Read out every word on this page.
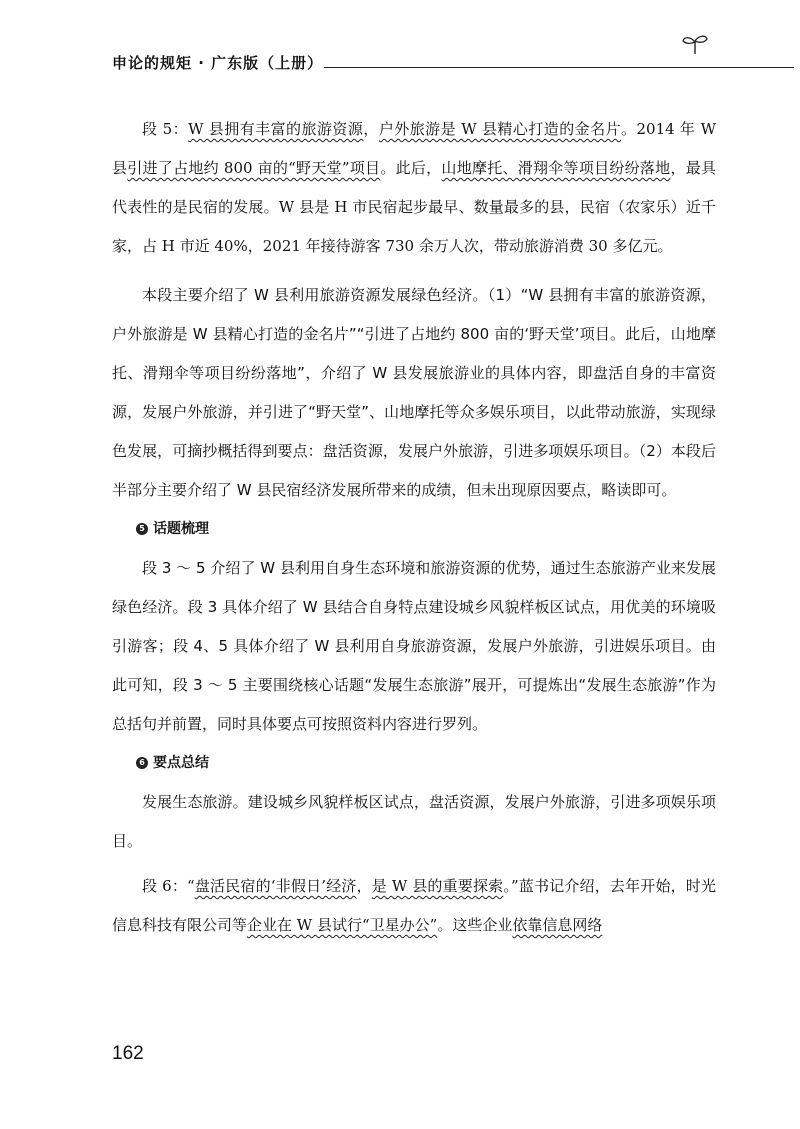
申论的规矩 · 广东版（上册）

段 5：W 县拥有丰富的旅游资源，户外旅游是 W 县精心打造的金名片。2014 年 W 县引进了占地约 800 亩的“野天堂”项目。此后，山地摩托、滑翔伞等项目纷纷落地，最具代表性的是民宿的发展。W 县是 H 市民宿起步最早、数量最多的县，民宿（农家乐）近千家，占 H 市近 40%，2021 年接待游客 730 余万人次，带动旅游消费 30 多亿元。

本段主要介绍了 W 县利用旅游资源发展绿色经济。（1）“W 县拥有丰富的旅游资源，户外旅游是 W 县精心打造的金名片”“引进了占地约 800 亩的‘野天堂’项目。此后，山地摩托、滑翔伞等项目纷纷落地”，介绍了 W 县发展旅游业的具体内容，即盘活自身的丰富资源，发展户外旅游，并引进了“野天堂”、山地摩托等众多娱乐项目，以此带动旅游，实现绿色发展，可摘抄概括得到要点：盘活资源，发展户外旅游，引进多项娱乐项目。（2）本段后半部分主要介绍了 W 县民宿经济发展所带来的成绩，但未出现原因要点，略读即可。

5 话题梳理

段 3 ～ 5 介绍了 W 县利用自身生态环境和旅游资源的优势，通过生态旅游产业来发展绿色经济。段 3 具体介绍了 W 县结合自身特点建设城乡风貌样板区试点，用优美的环境吸引游客；段 4、5 具体介绍了 W 县利用自身旅游资源，发展户外旅游，引进娱乐项目。由此可知，段 3 ～ 5 主要围绕核心话题“发展生态旅游”展开，可提炼出“发展生态旅游”作为总括句并前置，同时具体要点可按照资料内容进行罗列。

6 要点总结

发展生态旅游。建设城乡风貌样板区试点，盘活资源，发展户外旅游，引进多项娱乐项目。

段 6：“盘活民宿的‘非假日’经济，是 W 县的重要探索。”蓝书记介绍，去年开始，时光信息科技有限公司等企业在 W 县试行“卫星办公”。这些企业依靠信息网络

162
